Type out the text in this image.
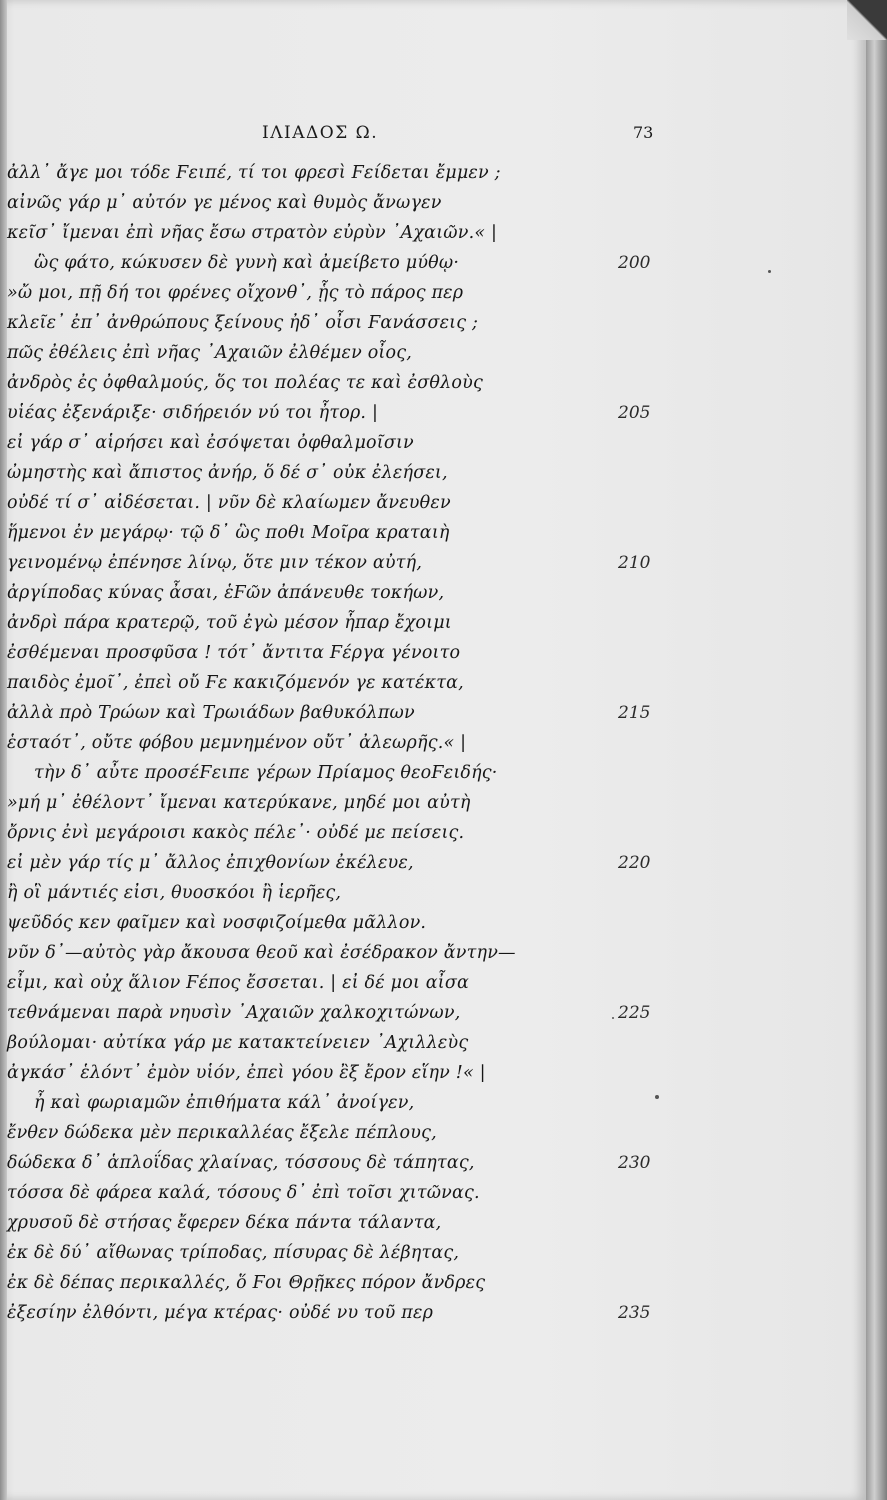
ΙΛΙΑΔΟΣ Ω.	73
ἀλλ᾽ ἄγε μοι τόδε Ϝειπέ, τί τοι φρεσὶ Ϝείδεται ἔμμεν ;
αἰνῶς γάρ μ᾽ αὐτόν γε μένος καὶ θυμὸς ἄνωγεν
κεῖσ᾽ ἴμεναι ἐπὶ νῆας ἔσω στρατὸν εὐρὺν ᾽Αχαιῶν.« |
ὣς φάτο, κώκυσεν δὲ γυνὴ καὶ ἀμείβετο μύθῳ·	200
»ὤ μοι, πῇ δή τοι φρένες οἴχονθ᾽, ᾗς τὸ πάρος περ
κλεῖε᾽ ἐπ᾽ ἀνθρώπους ξείνους ἠδ᾽ οἶσι Ϝανάσσεις ;
πῶς ἐθέλεις ἐπὶ νῆας ᾽Αχαιῶν ἐλθέμεν οἶος,
ἀνδρὸς ἐς ὀφθαλμούς, ὅς τοι πολέας τε καὶ ἐσθλοὺς
υἱέας ἐξενάριξε· σιδήρειόν νύ τοι ἦτορ. |	205
εἰ γάρ σ᾽ αἱρήσει καὶ ἐσόψεται ὀφθαλμοῖσιν
ὠμηστὴς καὶ ἄπιστος ἀνήρ, ὅ δέ σ᾽ οὐκ ἐλεήσει,
οὐδέ τί σ᾽ αἰδέσεται. | νῦν δὲ κλαίωμεν ἄνευθεν
ἥμενοι ἐν μεγάρῳ· τῷ δ᾽ ὣς ποθι Μοῖρα κραταιὴ
γεινομένῳ ἐπένησε λίνῳ, ὅτε μιν τέκον αὐτή,	210
ἀργίποδας κύνας ἆσαι, ἑϜῶν ἀπάνευθε τοκήων,
ἀνδρὶ πάρα κρατερῷ, τοῦ ἐγὼ μέσον ἧπαρ ἔχοιμι
ἐσθέμεναι προσφῦσα ! τότ᾽ ἄντιτα Ϝέργα γένοιτο
παιδὸς ἐμοῖ᾽, ἐπεὶ οὔ Ϝε κακιζόμενόν γε κατέκτα,
ἀλλὰ πρὸ Τρώων καὶ Τρωιάδων βαθυκόλπων	215
ἑσταότ᾽, οὔτε φόβου μεμνημένον οὔτ᾽ ἀλεωρῆς.« |
τὴν δ᾽ αὖτε προσέϜειπε γέρων Πρίαμος θεοϜειδής·
»μή μ᾽ ἐθέλοντ᾽ ἴμεναι κατερύκανε, μηδέ μοι αὐτὴ
ὄρνις ἐνὶ μεγάροισι κακὸς πέλε᾽· οὐδέ με πείσεις.
εἰ μὲν γάρ τίς μ᾽ ἄλλος ἐπιχθονίων ἐκέλευε,	220
ἢ οἳ μάντιές εἰσι, θυοσκόοι ἢ ἱερῆες,
ψεῦδός κεν φαῖμεν καὶ νοσφιζοίμεθα μᾶλλον.
νῦν δ᾽—αὐτὸς γὰρ ἄκουσα θεοῦ καὶ ἐσέδρακον ἄντην—
εἶμι, καὶ οὐχ ἅλιον Ϝέπος ἔσσεται. | εἰ δέ μοι αἶσα
τεθνάμεναι παρὰ νηυσὶν ᾽Αχαιῶν χαλκοχιτώνων,	225
βούλομαι· αὐτίκα γάρ με κατακτείνειεν ᾽Αχιλλεὺς
ἀγκάσ᾽ ἑλόντ᾽ ἐμὸν υἱόν, ἐπεὶ γόου ἒξ ἔρον εἵην !« |
ἦ καὶ φωριαμῶν ἐπιθήματα κάλ᾽ ἀνοίγεν,
ἔνθεν δώδεκα μὲν περικαλλέας ἔξελε πέπλους,
δώδεκα δ᾽ ἁπλοΐδας χλαίνας, τόσσους δὲ τάπητας,	230
τόσσα δὲ φάρεα καλά, τόσους δ᾽ ἐπὶ τοῖσι χιτῶνας.
χρυσοῦ δὲ στήσας ἔφερεν δέκα πάντα τάλαντα,
ἐκ δὲ δύ᾽ αἴθωνας τρίποδας, πίσυρας δὲ λέβητας,
ἐκ δὲ δέπας περικαλλές, ὅ Ϝοι Θρῇκες πόρον ἄνδρες
ἐξεσίην ἐλθόντι, μέγα κτέρας· οὐδέ νυ τοῦ περ	235
